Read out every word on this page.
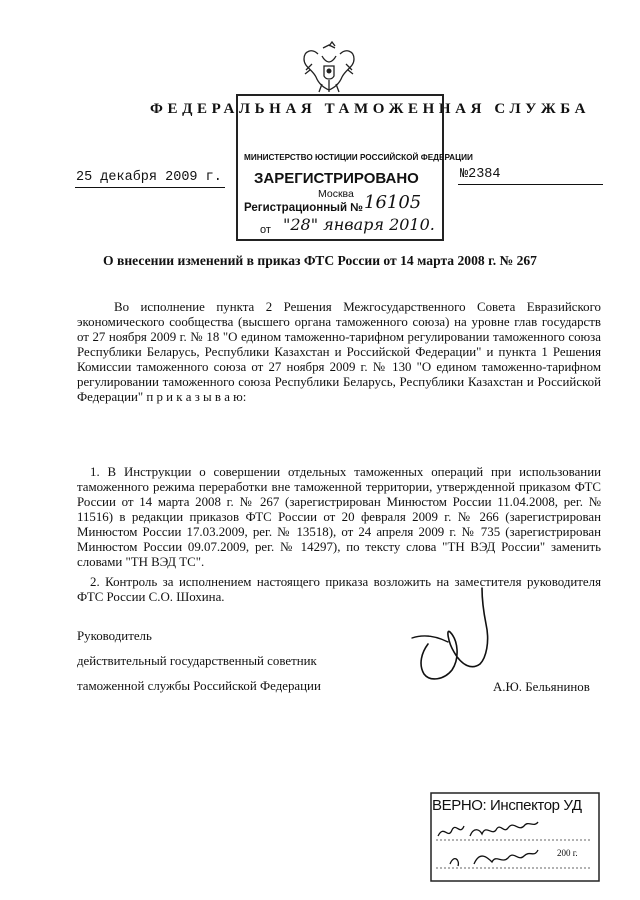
ФЕДЕРАЛЬНАЯ ТАМОЖЕННАЯ СЛУЖБА
25 декабря 2009 г.	№2384
МИНИСТЕРСТВО ЮСТИЦИИ РОССИЙСКОЙ ФЕДЕРАЦИИ
ЗАРЕГИСТРИРОВАНО
Москва
Регистрационный № 16105
от "28" января 2010.
О внесении изменений в приказ ФТС России от 14 марта 2008 г. № 267
Во исполнение пункта 2 Решения Межгосударственного Совета Евразийского экономического сообщества (высшего органа таможенного союза) на уровне глав государств от 27 ноября 2009 г. № 18 "О едином таможенно-тарифном регулировании таможенного союза Республики Беларусь, Республики Казахстан и Российской Федерации" и пункта 1 Решения Комиссии таможенного союза от 27 ноября 2009 г. № 130 "О едином таможенно-тарифном регулировании таможенного союза Республики Беларусь, Республики Казахстан и Российской Федерации" п р и к а з ы в а ю:
1. В Инструкции о совершении отдельных таможенных операций при использовании таможенного режима переработки вне таможенной территории, утвержденной приказом ФТС России от 14 марта 2008 г. № 267 (зарегистрирован Минюстом России 11.04.2008, рег. № 11516) в редакции приказов ФТС России от 20 февраля 2009 г. № 266 (зарегистрирован Минюстом России 17.03.2009, рег. № 13518), от 24 апреля 2009 г. № 735 (зарегистрирован Минюстом России 09.07.2009, рег. № 14297), по тексту слова "ТН ВЭД России" заменить словами "ТН ВЭД ТС".
2. Контроль за исполнением настоящего приказа возложить на заместителя руководителя ФТС России С.О. Шохина.
Руководитель
действительный государственный советник
таможенной службы Российской Федерации	А.Ю. Бельянинов
ВЕРНО: Инспектор УД
200 г.
